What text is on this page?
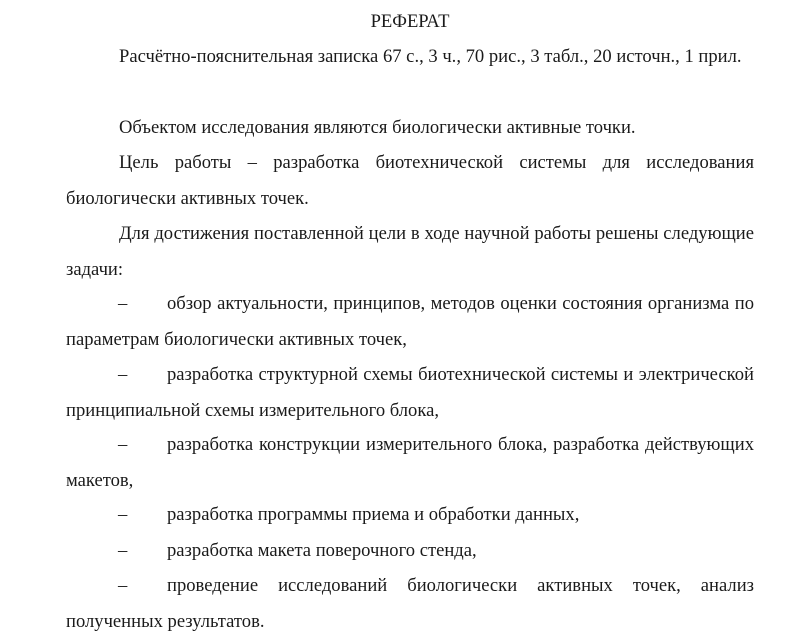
РЕФЕРАТ

Расчётно-пояснительная записка 67 с., 3 ч., 70 рис., 3 табл., 20 источн., 1 прил.

Объектом исследования являются биологически активные точки.

Цель работы – разработка биотехнической системы для исследования биологически активных точек.

Для достижения поставленной цели в ходе научной работы решены следующие задачи:

– обзор актуальности, принципов, методов оценки состояния организма по параметрам биологически активных точек,

– разработка структурной схемы биотехнической системы и электрической принципиальной схемы измерительного блока,

– разработка конструкции измерительного блока, разработка действующих макетов,

– разработка программы приема и обработки данных,

– разработка макета поверочного стенда,

– проведение исследований биологически активных точек, анализ полученных результатов.
